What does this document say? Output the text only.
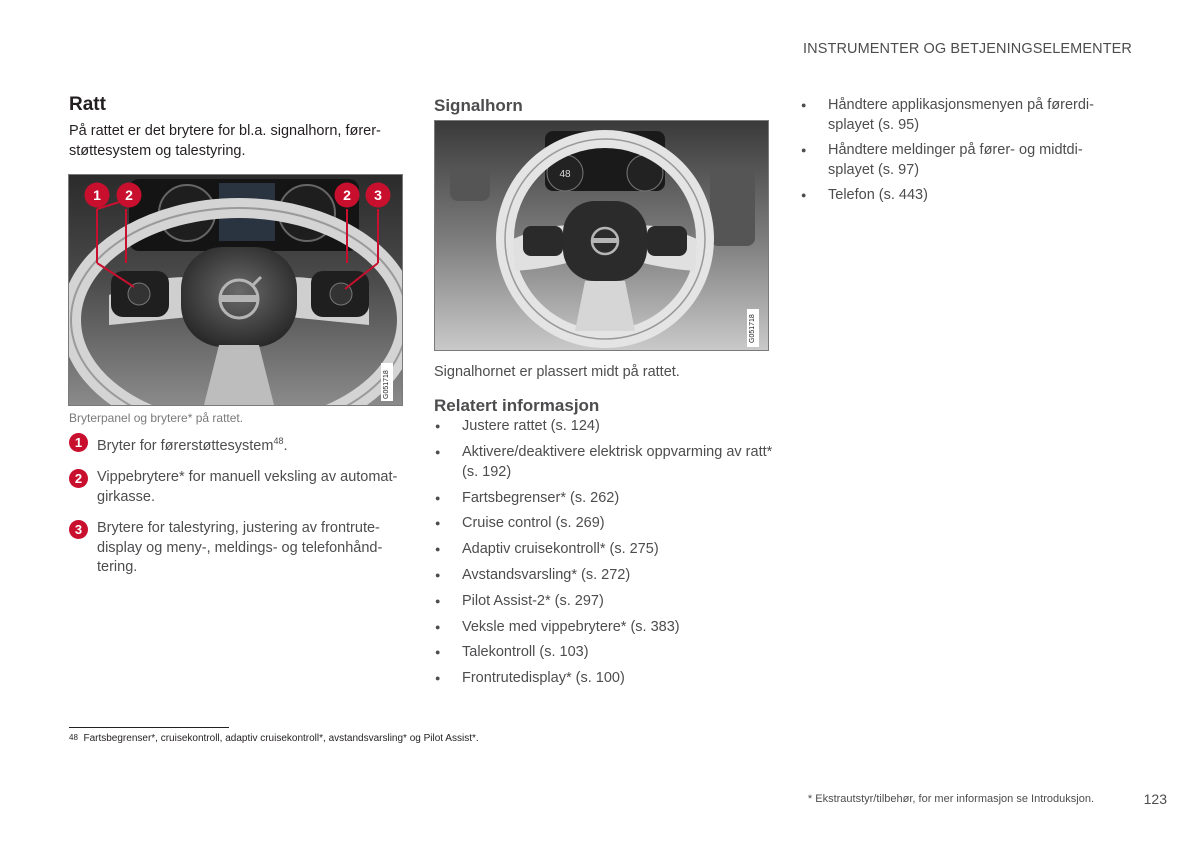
INSTRUMENTER OG BETJENINGSELEMENTER
Ratt

På rattet er det brytere for bl.a. signalhorn, fører-støttesystem og talestyring.

76
1 2	2 3
G051718
Bryterpanel og brytere* på rattet.
1	Bryter for førerstøttesystem$^{48}$.
2	Vippebrytere* for manuell veksling av automat-girkasse.
3	Brytere for talestyring, justering av frontrute-display og meny-, meldings- og telefonhånd-tering.
Signalhorn
48
G051718
Signalhornet er plassert midt på rattet.
Relatert informasjon
● Justere rattet (s. 124)
● Aktivere/deaktivere elektrisk oppvarming av ratt* (s. 192)
● Fartsbegrenser* (s. 262)
● Cruise control (s. 269)
● Adaptiv cruisekontroll* (s. 275)
● Avstandsvarsling* (s. 272)
● Pilot Assist-2* (s. 297)
● Veksle med vippebrytere* (s. 383)
● Talekontroll (s. 103)
● Frontrutedisplay* (s. 100)
● Håndtere applikasjonsmenyen på førerdi-splayet (s. 95)
● Håndtere meldinger på fører- og midtdi-splayet (s. 97)
● Telefon (s. 443)
$^{48}$ Fartsbegrenser*, cruisekontroll, adaptiv cruisekontroll*, avstandsvarsling* og Pilot Assist*.
* Ekstrautstyr/tilbehør, for mer informasjon se Introduksjon.	123
